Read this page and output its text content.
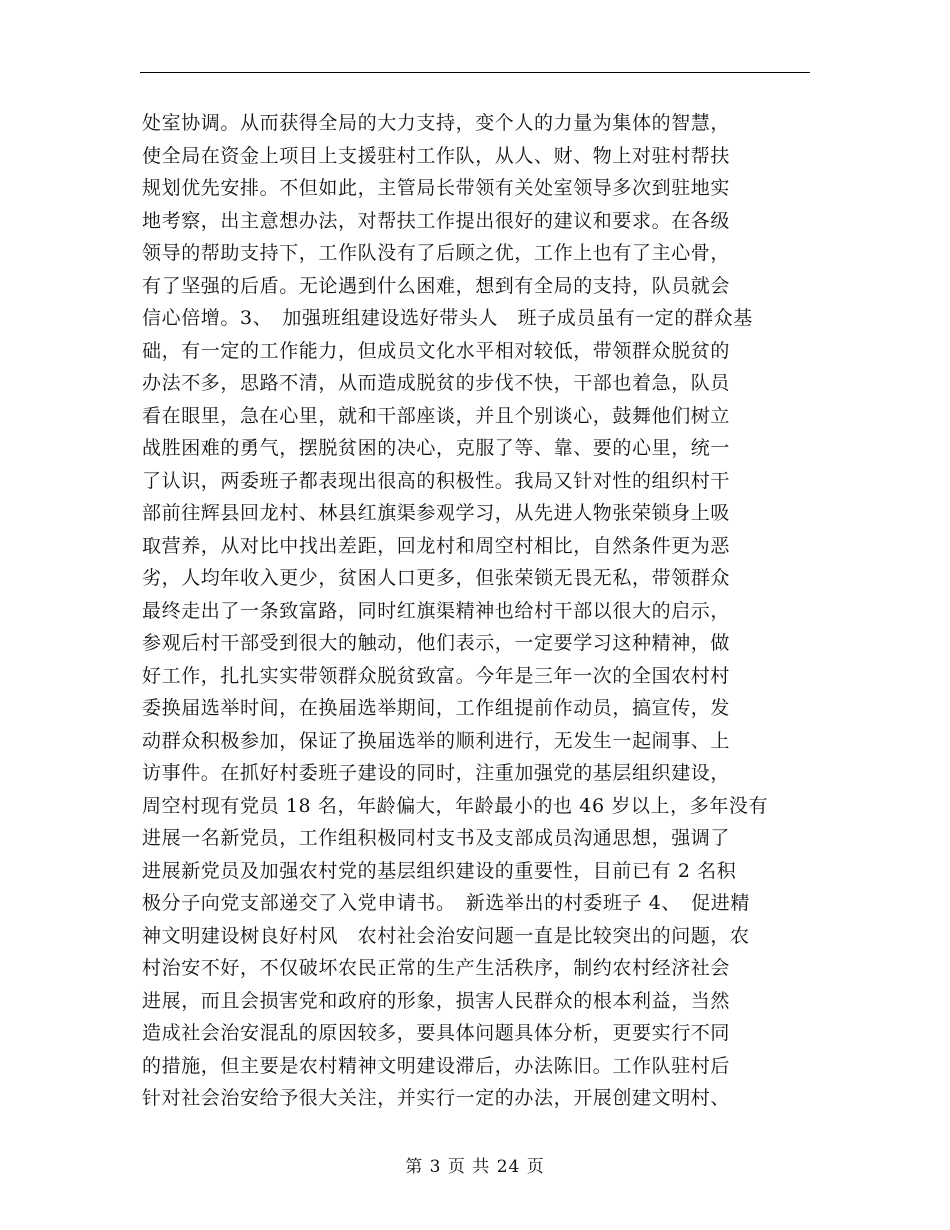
处室协调。从而获得全局的大力支持，变个人的力量为集体的智慧，
使全局在资金上项目上支援驻村工作队，从人、财、物上对驻村帮扶
规划优先安排。不但如此，主管局长带领有关处室领导多次到驻地实
地考察，出主意想办法，对帮扶工作提出很好的建议和要求。在各级
领导的帮助支持下，工作队没有了后顾之优，工作上也有了主心骨，
有了坚强的后盾。无论遇到什么困难，想到有全局的支持，队员就会
信心倍增。3、　加强班组建设选好带头人　班子成员虽有一定的群众基
础，有一定的工作能力，但成员文化水平相对较低，带领群众脱贫的
办法不多，思路不清，从而造成脱贫的步伐不快，干部也着急，队员
看在眼里，急在心里，就和干部座谈，并且个别谈心，鼓舞他们树立
战胜困难的勇气，摆脱贫困的决心，克服了等、靠、要的心里，统一
了认识，两委班子都表现出很高的积极性。我局又针对性的组织村干
部前往辉县回龙村、林县红旗渠参观学习，从先进人物张荣锁身上吸
取营养，从对比中找出差距，回龙村和周空村相比，自然条件更为恶
劣，人均年收入更少，贫困人口更多，但张荣锁无畏无私，带领群众
最终走出了一条致富路，同时红旗渠精神也给村干部以很大的启示，
参观后村干部受到很大的触动，他们表示，一定要学习这种精神，做
好工作，扎扎实实带领群众脱贫致富。今年是三年一次的全国农村村
委换届选举时间，在换届选举期间，工作组提前作动员，搞宣传，发
动群众积极参加，保证了换届选举的顺利进行，无发生一起闹事、上
访事件。在抓好村委班子建设的同时，注重加强党的基层组织建设，
周空村现有党员 18 名，年龄偏大，年龄最小的也 46 岁以上，多年没有
进展一名新党员，工作组积极同村支书及支部成员沟通思想，强调了
进展新党员及加强农村党的基层组织建设的重要性，目前已有 2 名积
极分子向党支部递交了入党申请书。　新选举出的村委班子 4、　促进精
神文明建设树良好村风　农村社会治安问题一直是比较突出的问题，农
村治安不好，不仅破坏农民正常的生产生活秩序，制约农村经济社会
进展，而且会损害党和政府的形象，损害人民群众的根本利益，当然
造成社会治安混乱的原因较多，要具体问题具体分析，更要实行不同
的措施，但主要是农村精神文明建设滞后，办法陈旧。工作队驻村后
针对社会治安给予很大关注，并实行一定的办法，开展创建文明村、
第 3 页 共 24 页
